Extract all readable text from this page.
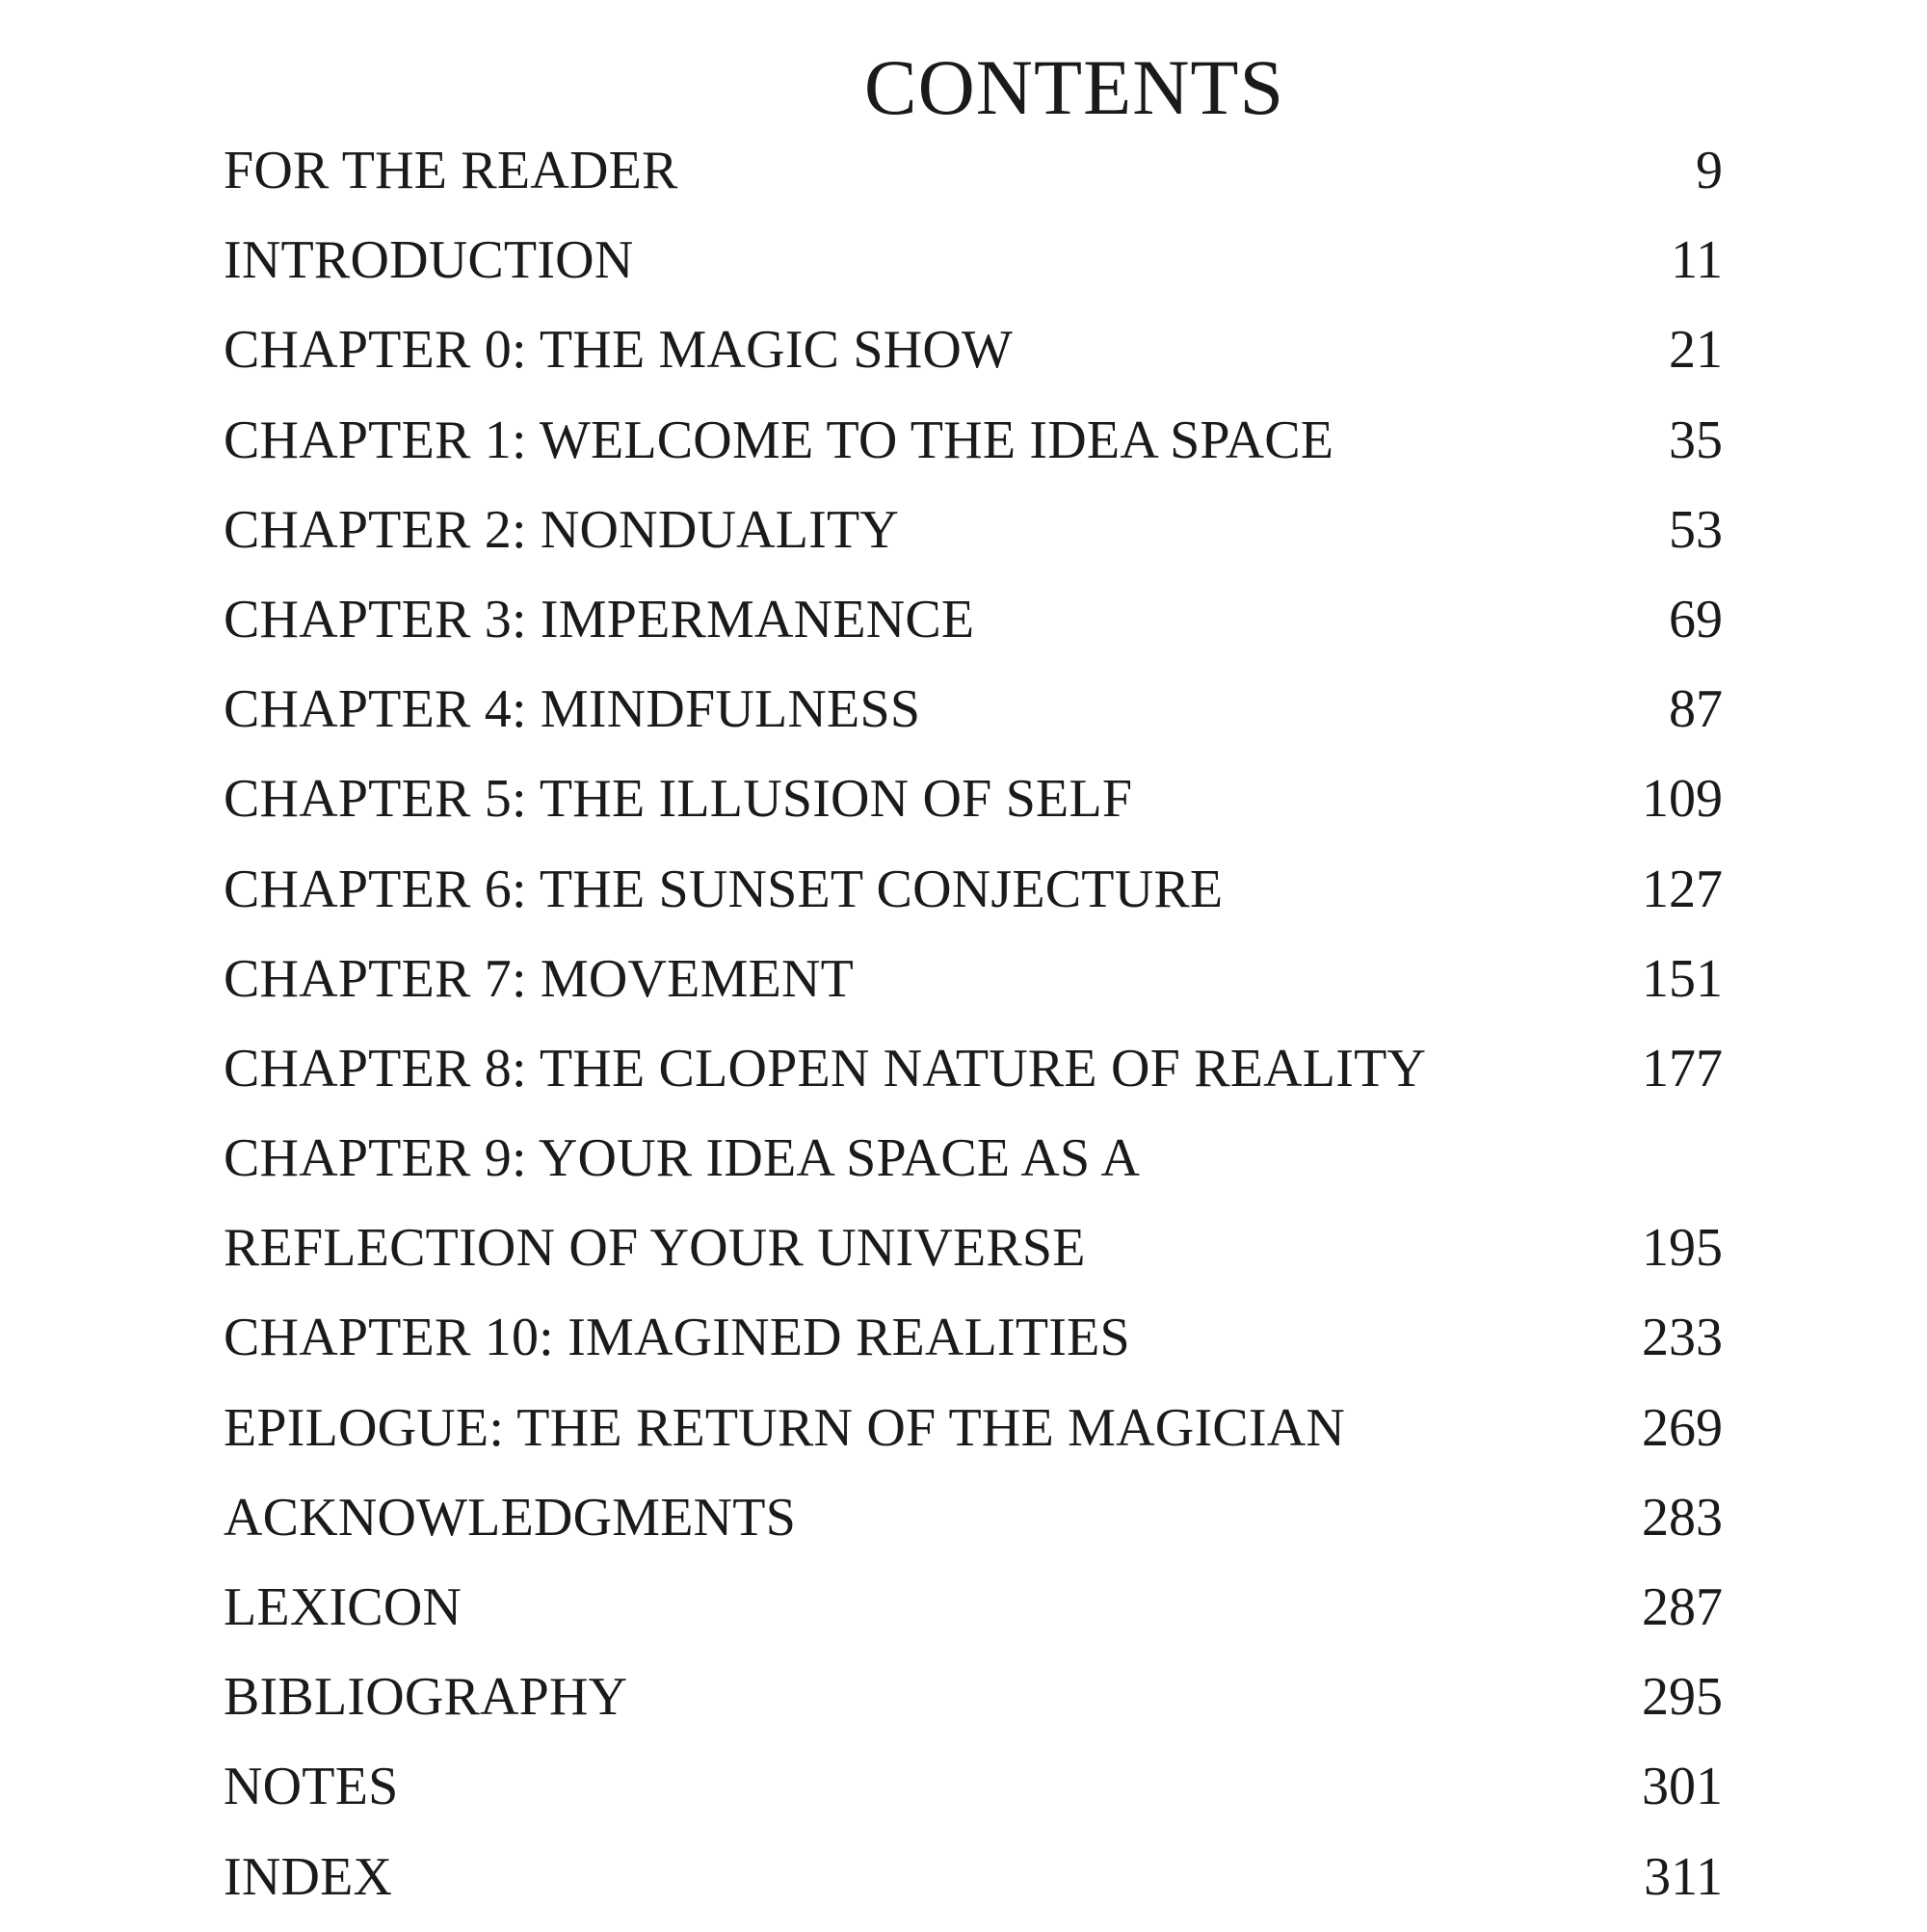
CONTENTS
FOR THE READER	9
INTRODUCTION	11
CHAPTER 0: THE MAGIC SHOW	21
CHAPTER 1: WELCOME TO THE IDEA SPACE	35
CHAPTER 2: NONDUALITY	53
CHAPTER 3: IMPERMANENCE	69
CHAPTER 4: MINDFULNESS	87
CHAPTER 5: THE ILLUSION OF SELF	109
CHAPTER 6: THE SUNSET CONJECTURE	127
CHAPTER 7: MOVEMENT	151
CHAPTER 8: THE CLOPEN NATURE OF REALITY	177
CHAPTER 9: YOUR IDEA SPACE AS A
REFLECTION OF YOUR UNIVERSE	195
CHAPTER 10: IMAGINED REALITIES	233
EPILOGUE: THE RETURN OF THE MAGICIAN	269
ACKNOWLEDGMENTS	283
LEXICON	287
BIBLIOGRAPHY	295
NOTES	301
INDEX	311
